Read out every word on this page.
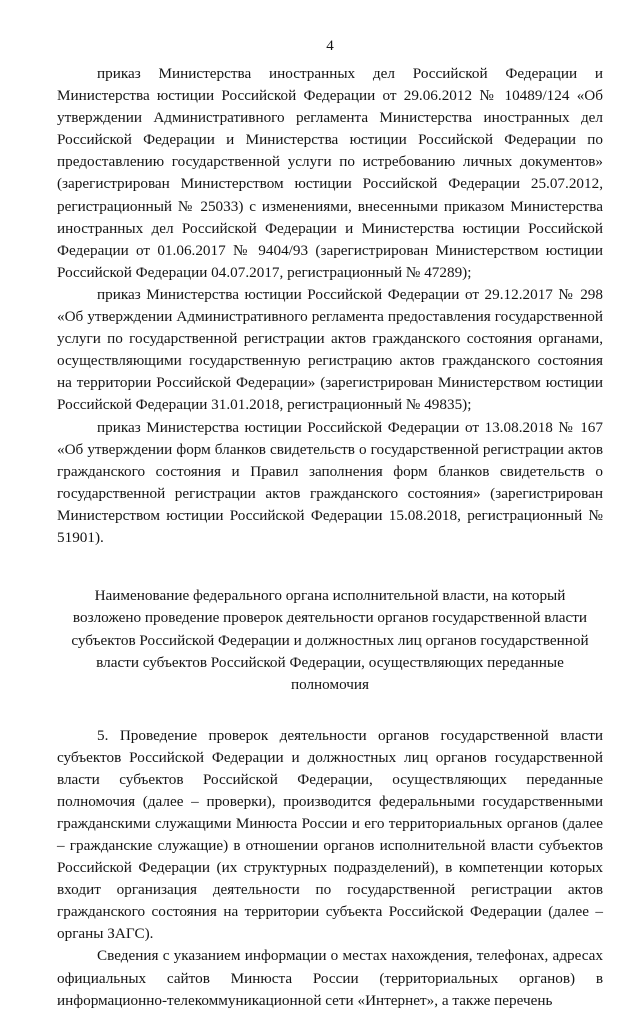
4

приказ Министерства иностранных дел Российской Федерации и Министерства юстиции Российской Федерации от 29.06.2012 № 10489/124 «Об утверждении Административного регламента Министерства иностранных дел Российской Федерации и Министерства юстиции Российской Федерации по предоставлению государственной услуги по истребованию личных документов» (зарегистрирован Министерством юстиции Российской Федерации 25.07.2012, регистрационный № 25033) с изменениями, внесенными приказом Министерства иностранных дел Российской Федерации и Министерства юстиции Российской Федерации от 01.06.2017 № 9404/93 (зарегистрирован Министерством юстиции Российской Федерации 04.07.2017, регистрационный № 47289);

приказ Министерства юстиции Российской Федерации от 29.12.2017 № 298 «Об утверждении Административного регламента предоставления государственной услуги по государственной регистрации актов гражданского состояния органами, осуществляющими государственную регистрацию актов гражданского состояния на территории Российской Федерации» (зарегистрирован Министерством юстиции Российской Федерации 31.01.2018, регистрационный № 49835);

приказ Министерства юстиции Российской Федерации от 13.08.2018 № 167 «Об утверждении форм бланков свидетельств о государственной регистрации актов гражданского состояния и Правил заполнения форм бланков свидетельств о государственной регистрации актов гражданского состояния» (зарегистрирован Министерством юстиции Российской Федерации 15.08.2018, регистрационный № 51901).

Наименование федерального органа исполнительной власти, на который возложено проведение проверок деятельности органов государственной власти субъектов Российской Федерации и должностных лиц органов государственной власти субъектов Российской Федерации, осуществляющих переданные полномочия

5. Проведение проверок деятельности органов государственной власти субъектов Российской Федерации и должностных лиц органов государственной власти субъектов Российской Федерации, осуществляющих переданные полномочия (далее – проверки), производится федеральными государственными гражданскими служащими Минюста России и его территориальных органов (далее – гражданские служащие) в отношении органов исполнительной власти субъектов Российской Федерации (их структурных подразделений), в компетенции которых входит организация деятельности по государственной регистрации актов гражданского состояния на территории субъекта Российской Федерации (далее – органы ЗАГС).

Сведения с указанием информации о местах нахождения, телефонах, адресах официальных сайтов Минюста России (территориальных органов) в информационно-телекоммуникационной сети «Интернет», а также перечень
